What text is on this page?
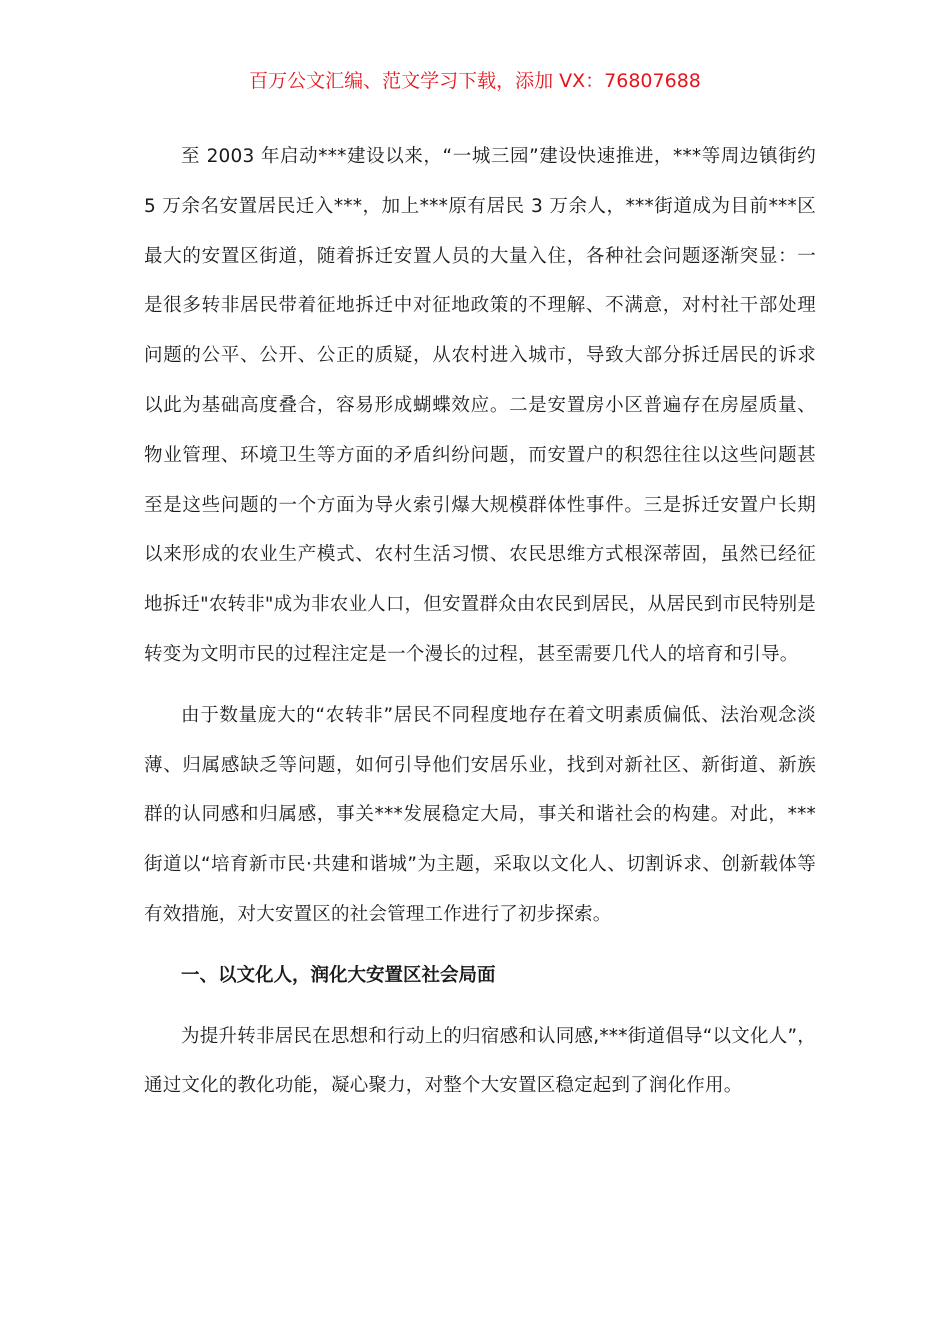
百万公文汇编、范文学习下载，添加 VX：76807688

至 2003 年启动***建设以来，“一城三园”建设快速推进，***等周边镇街约 5 万余名安置居民迁入***，加上***原有居民 3 万余人，***街道成为目前***区最大的安置区街道，随着拆迁安置人员的大量入住，各种社会问题逐渐突显：一是很多转非居民带着征地拆迁中对征地政策的不理解、不满意，对村社干部处理问题的公平、公开、公正的质疑，从农村进入城市，导致大部分拆迁居民的诉求以此为基础高度叠合，容易形成蝴蝶效应。二是安置房小区普遍存在房屋质量、物业管理、环境卫生等方面的矛盾纠纷问题，而安置户的积怨往往以这些问题甚至是这些问题的一个方面为导火索引爆大规模群体性事件。三是拆迁安置户长期以来形成的农业生产模式、农村生活习惯、农民思维方式根深蒂固，虽然已经征地拆迁"农转非"成为非农业人口，但安置群众由农民到居民，从居民到市民特别是转变为文明市民的过程注定是一个漫长的过程，甚至需要几代人的培育和引导。

由于数量庞大的“农转非”居民不同程度地存在着文明素质偏低、法治观念淡薄、归属感缺乏等问题，如何引导他们安居乐业，找到对新社区、新街道、新族群的认同感和归属感，事关***发展稳定大局，事关和谐社会的构建。对此，***街道以“培育新市民·共建和谐城”为主题，采取以文化人、切割诉求、创新载体等有效措施，对大安置区的社会管理工作进行了初步探索。

一、以文化人，润化大安置区社会局面

为提升转非居民在思想和行动上的归宿感和认同感,***街道倡导“以文化人”，通过文化的教化功能，凝心聚力，对整个大安置区稳定起到了润化作用。
